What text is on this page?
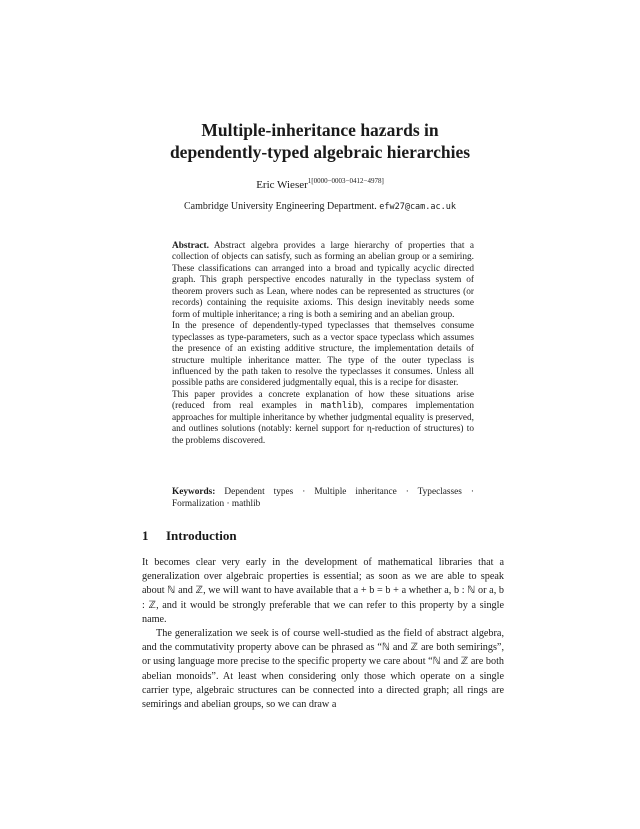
Multiple-inheritance hazards in
dependently-typed algebraic hierarchies
Eric Wieser$^{1[0000-0003-0412-4978]}$
Cambridge University Engineering Department. efw27@cam.ac.uk

Abstract. Abstract algebra provides a large hierarchy of properties that a collection of objects can satisfy, such as forming an abelian group or a semiring. These classifications can arranged into a broad and typically acyclic directed graph. This graph perspective encodes naturally in the typeclass system of theorem provers such as Lean, where nodes can be represented as structures (or records) containing the requisite axioms. This design inevitably needs some form of multiple inheritance; a ring is both a semiring and an abelian group.

In the presence of dependently-typed typeclasses that themselves consume typeclasses as type-parameters, such as a vector space typeclass which assumes the presence of an existing additive structure, the implementation details of structure multiple inheritance matter. The type of the outer typeclass is influenced by the path taken to resolve the typeclasses it consumes. Unless all possible paths are considered judgmentally equal, this is a recipe for disaster.

This paper provides a concrete explanation of how these situations arise (reduced from real examples in mathlib), compares implementation approaches for multiple inheritance by whether judgmental equality is preserved, and outlines solutions (notably: kernel support for η-reduction of structures) to the problems discovered.

Keywords: Dependent types · Multiple inheritance · Typeclasses · Formalization · mathlib
1 Introduction

It becomes clear very early in the development of mathematical libraries that a generalization over algebraic properties is essential; as soon as we are able to speak about ℕ and ℤ, we will want to have available that a + b = b + a whether a, b : ℕ or a, b : ℤ, and it would be strongly preferable that we can refer to this property by a single name.

The generalization we seek is of course well-studied as the field of abstract algebra, and the commutativity property above can be phrased as “ℕ and ℤ are both semirings”, or using language more precise to the specific property we care about “ℕ and ℤ are both abelian monoids”. At least when considering only those which operate on a single carrier type, algebraic structures can be connected into a directed graph; all rings are semirings and abelian groups, so we can draw a
